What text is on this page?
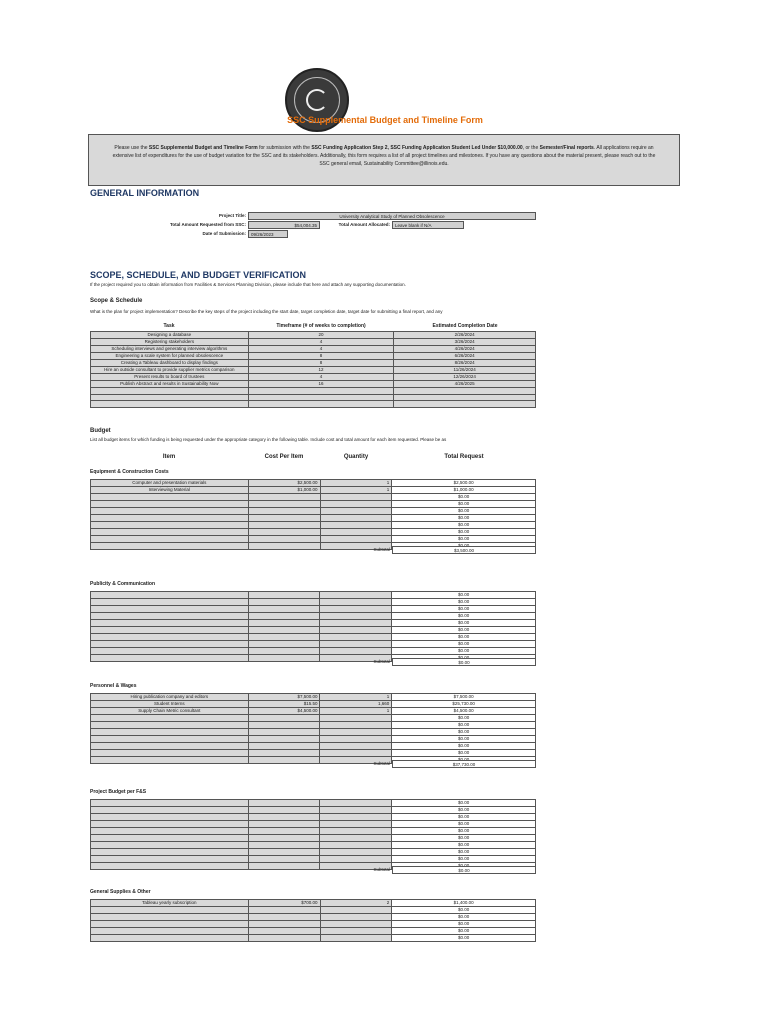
SSC Supplemental Budget and Timeline Form
Please use the SSC Supplemental Budget and Timeline Form for submission with the SSC Funding Application Step 2, SSC Funding Application Student Led Under $10,000.00, or the Semester/Final reports. All applications require an extensive list of expenditures for the use of budget variation for the SSC and its stakeholders. Additionally, this form requires a list of all project timelines and milestones. If you have any questions about the material present, please reach out to the SSC general email, Sustainability Committee@illinois.edu.
GENERAL INFORMATION
Project Title:	University Analytical Study of Planned Obsolescence
Total Amount Requested from SSC:	$54,004.35	Total Amount Allocated:	Leave blank if N/A
Date of Submission:	09/26/2023
SCOPE, SCHEDULE, AND BUDGET VERIFICATION
If the project required you to obtain information from Facilities & Services Planning Division, please include that here and attach any supporting documentation.
Scope & Schedule
What is the plan for project implementation? Describe the key steps of the project including the start date, target completion date, target date for submitting a final report, and any
Task	Timeframe (# of weeks to completion)	Estimated Completion Date
Designing a database	20	2/26/2024
Registering stakeholders	4	3/26/2024
Scheduling interviews and generating interview algorithms	4	4/26/2024
Engineering a scale system for planned obsolescence	8	6/26/2024
Creating a Tableau dashboard to display findings	8	8/26/2024
Hire an outside consultant to provide supplier metrics comparison	12	11/26/2024
Present results to board of trustees	4	12/26/2024
Publish Abstract and results in Sustainability Now	16	4/26/2025

Budget
List all budget items for which funding is being requested under the appropriate category in the following table. Include cost and total amount for each item requested. Please be as
Item	Cost Per Item	Quantity	Total Request
Equipment & Construction Costs
Computer and presentation materials	$2,500.00	1	$2,500.00
Interviewing Material	$1,000.00	1	$1,000.00
			$0.00
			$0.00
			$0.00
			$0.00
			$0.00
			$0.00
			$0.00

Subtotal	$3,500.00
Publicity & Communication
			$0.00
			$0.00
			$0.00
			$0.00
			$0.00
			$0.00
			$0.00
			$0.00
			$0.00

Subtotal	$0.00
Personnel & Wages
Hiring publication company and editors	$7,500.00	1	$7,500.00
Student Interns	$15.50	1,660	$25,730.00
Supply Chain Metric consultant	$4,500.00	1	$4,500.00
			$0.00
			$0.00
			$0.00
			$0.00
			$0.00
			$0.00

Subtotal	$37,730.00
Project Budget per F&S
			$0.00
			$0.00
			$0.00
			$0.00
			$0.00
			$0.00
			$0.00
			$0.00
			$0.00

Subtotal	$0.00
General Supplies & Other
Tableau yearly subscription	$700.00	2	$1,400.00
			$0.00
			$0.00
			$0.00
			$0.00
			$0.00
